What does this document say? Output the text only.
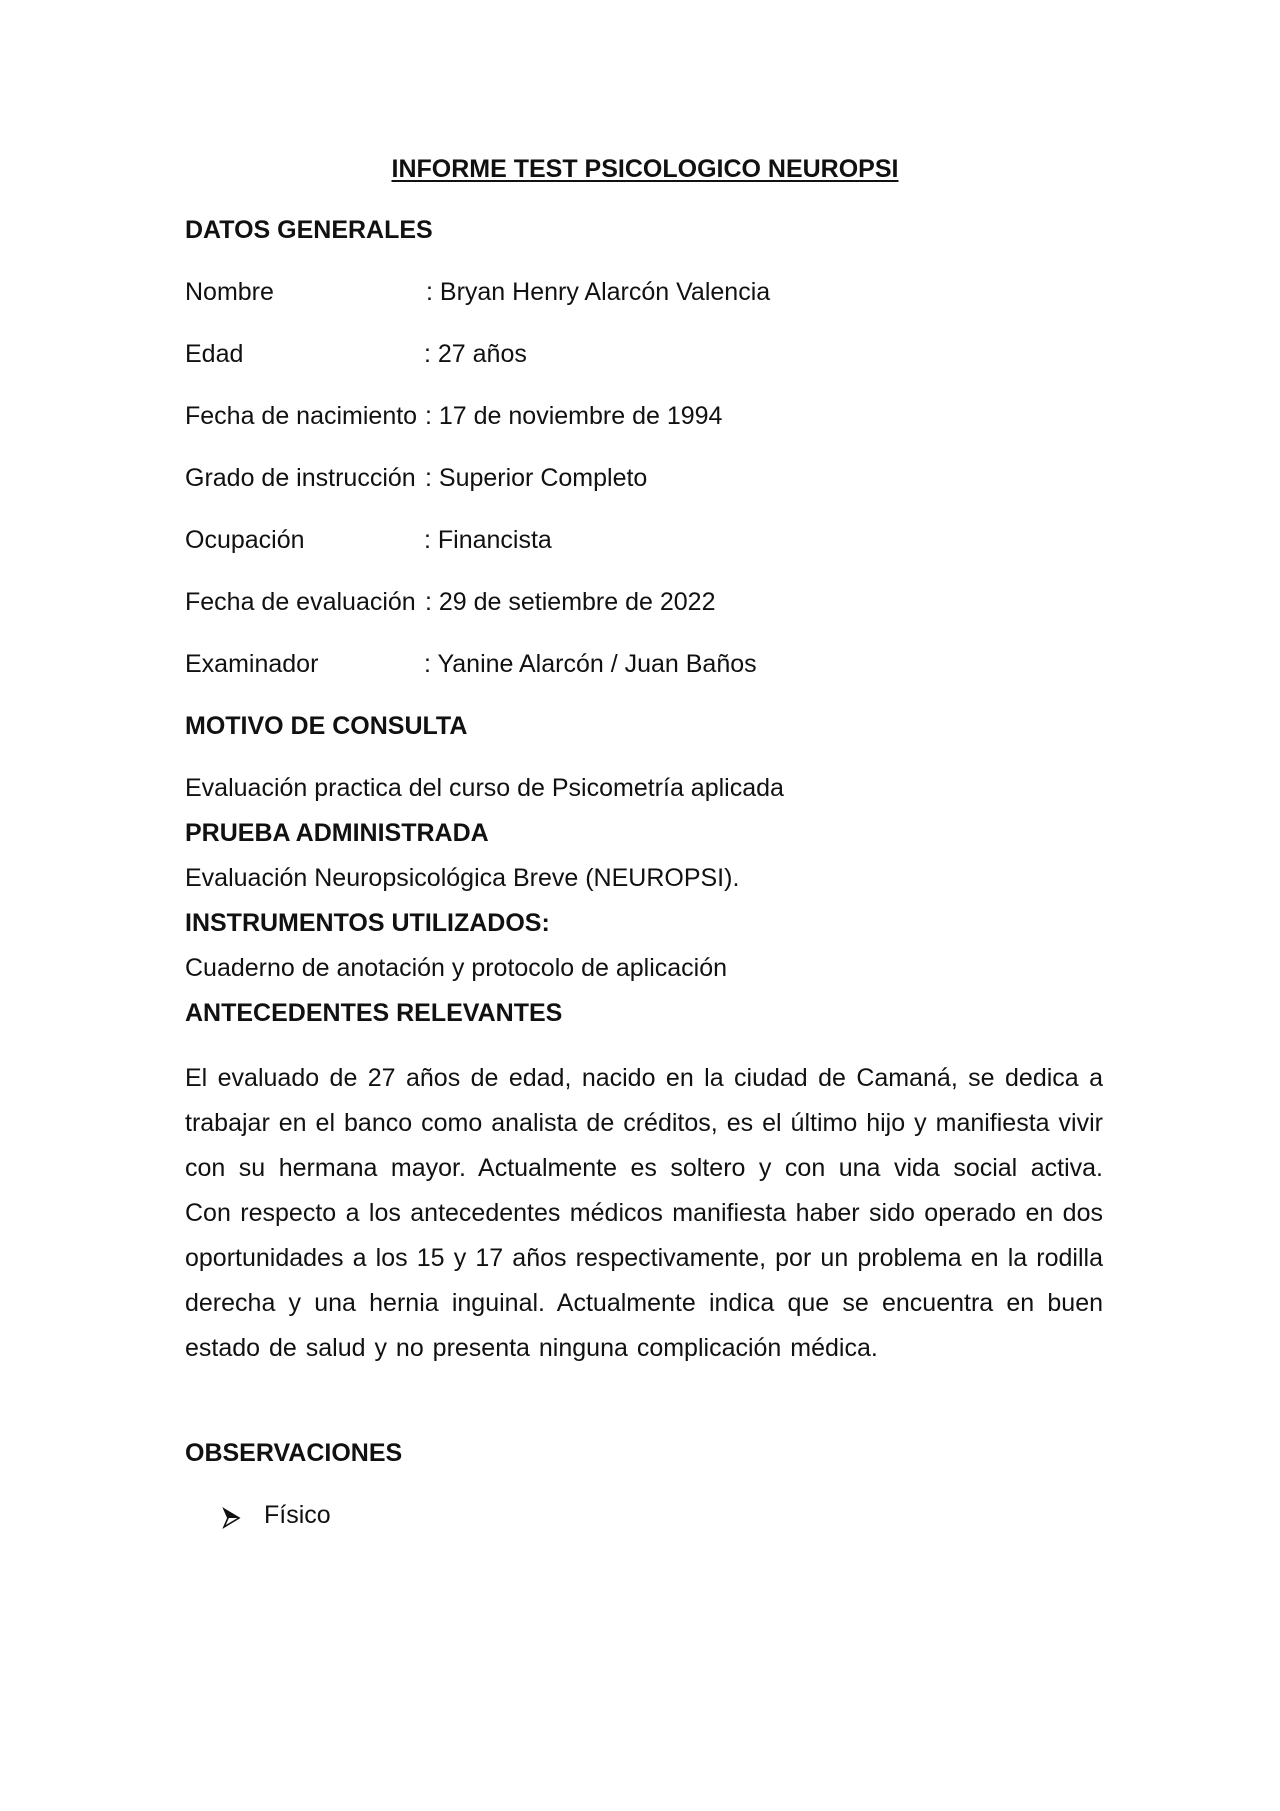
INFORME TEST PSICOLOGICO NEUROPSI
DATOS GENERALES
Nombre	: Bryan Henry Alarcón Valencia
Edad	: 27 años
Fecha de nacimiento : 17 de noviembre de 1994
Grado de instrucción : Superior Completo
Ocupación	: Financista
Fecha de evaluación : 29 de setiembre de 2022
Examinador	: Yanine Alarcón / Juan Baños
MOTIVO DE CONSULTA
Evaluación practica del curso de Psicometría aplicada
PRUEBA ADMINISTRADA
Evaluación Neuropsicológica Breve (NEUROPSI).
INSTRUMENTOS UTILIZADOS:
Cuaderno de anotación y protocolo de aplicación
ANTECEDENTES RELEVANTES
El evaluado de 27 años de edad, nacido en la ciudad de Camaná, se dedica a trabajar en el banco como analista de créditos, es el último hijo y manifiesta vivir con su hermana mayor. Actualmente es soltero y con una vida social activa. Con respecto a los antecedentes médicos manifiesta haber sido operado en dos oportunidades a los 15 y 17 años respectivamente, por un problema en la rodilla derecha y una hernia inguinal. Actualmente indica que se encuentra en buen estado de salud y no presenta ninguna complicación médica.
OBSERVACIONES
Físico
